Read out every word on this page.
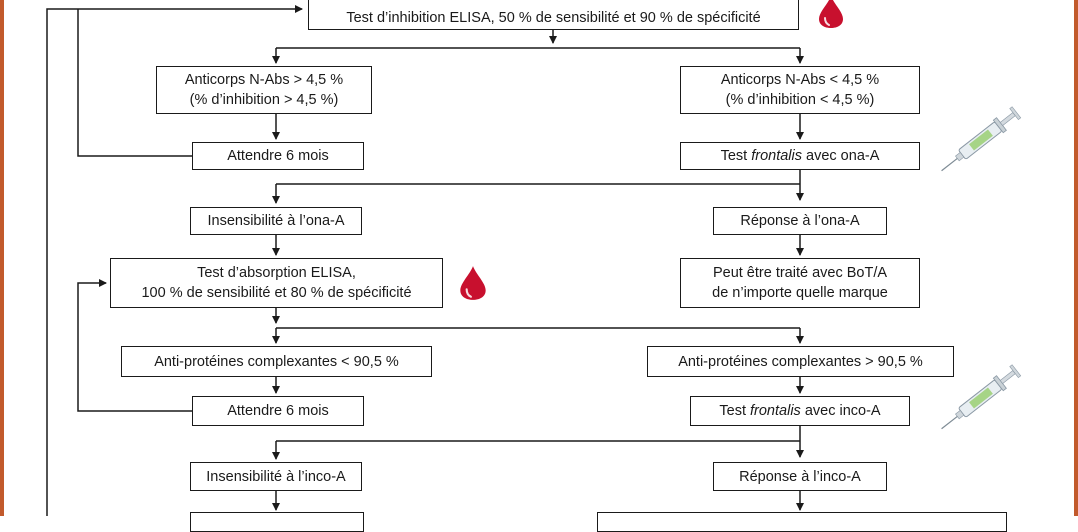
Test d’inhibition ELISA, 50 % de sensibilité et 90 % de spécificité
Anticorps N-Abs > 4,5 %
(% d’inhibition > 4,5 %)
Anticorps N-Abs < 4,5 %
(% d’inhibition < 4,5 %)
Attendre 6 mois	Test frontalis avec ona-A
Insensibilité à l’ona-A	Réponse à l’ona-A
Test d’absorption ELISA,
100 % de sensibilité et 80 % de spécificité
Peut être traité avec BoT/A
de n’importe quelle marque
Anti-protéines complexantes < 90,5 %	Anti-protéines complexantes > 90,5 %
Attendre 6 mois	Test frontalis avec inco-A
Insensibilité à l’inco-A	Réponse à l’inco-A
